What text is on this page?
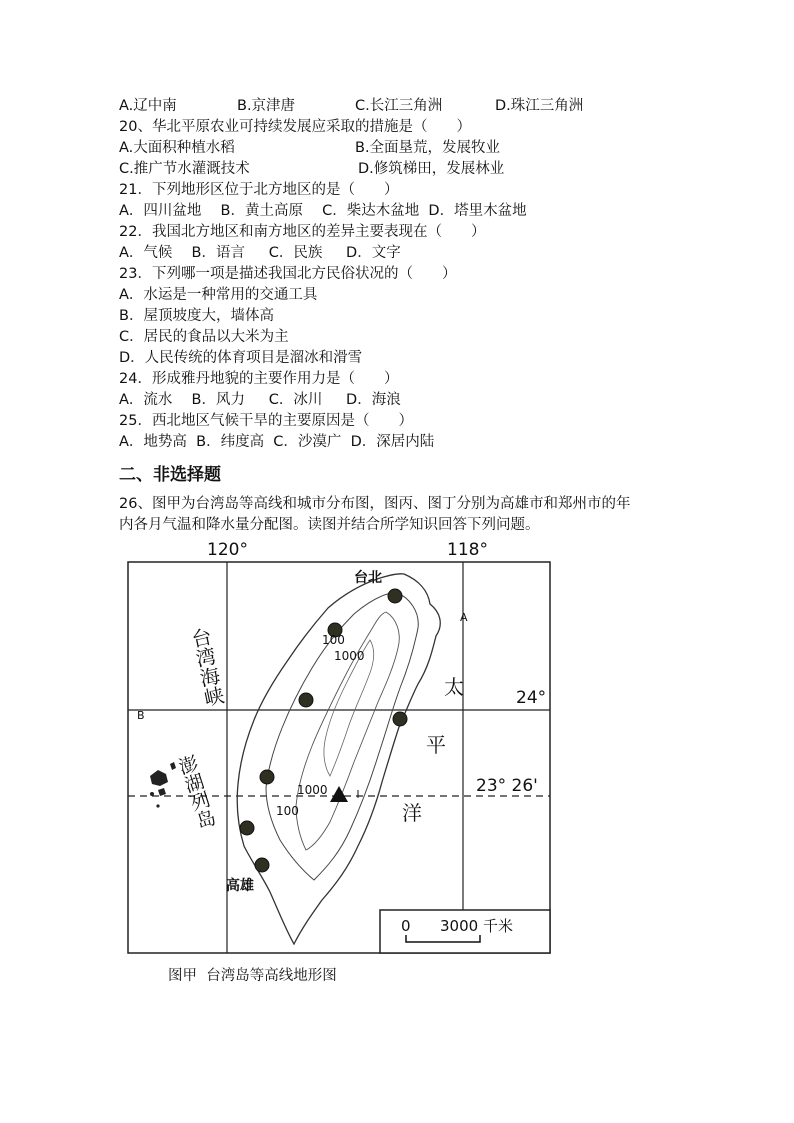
A.辽中南	B.京津唐	C.长江三角洲	D.珠江三角洲
20、华北平原农业可持续发展应采取的措施是（　　）
A.大面积种植水稻	B.全面垦荒，发展牧业
C.推广节水灌溉技术	D.修筑梯田，发展林业
21．下列地形区位于北方地区的是（　　）
A．四川盆地　 B．黄土高原　 C．柴达木盆地  D．塔里木盆地
22．我国北方地区和南方地区的差异主要表现在（　　）
A．气候　 B．语言　  C．民族　  D．文字
23．下列哪一项是描述我国北方民俗状况的（　　）
A．水运是一种常用的交通工具
B．屋顶坡度大，墙体高
C．居民的食品以大米为主
D．人民传统的体育项目是溜冰和滑雪
24．形成雅丹地貌的主要作用力是（　　）
A．流水　 B．风力　  C．冰川　  D．海浪
25．西北地区气候干旱的主要原因是（　　）
A．地势高  B．纬度高  C．沙漠广  D．深居内陆
二、非选择题
26、图甲为台湾岛等高线和城市分布图，图丙、图丁分别为高雄市和郑州市的年
内各月气温和降水量分配图。读图并结合所学知识回答下列问题。
120°	118°
24°
23° 26'
台北
高雄
台湾海峡	太
平
洋
澎湖列岛
100
1000
1000
100
A
B
0 3000 千米
图甲  台湾岛等高线地形图
